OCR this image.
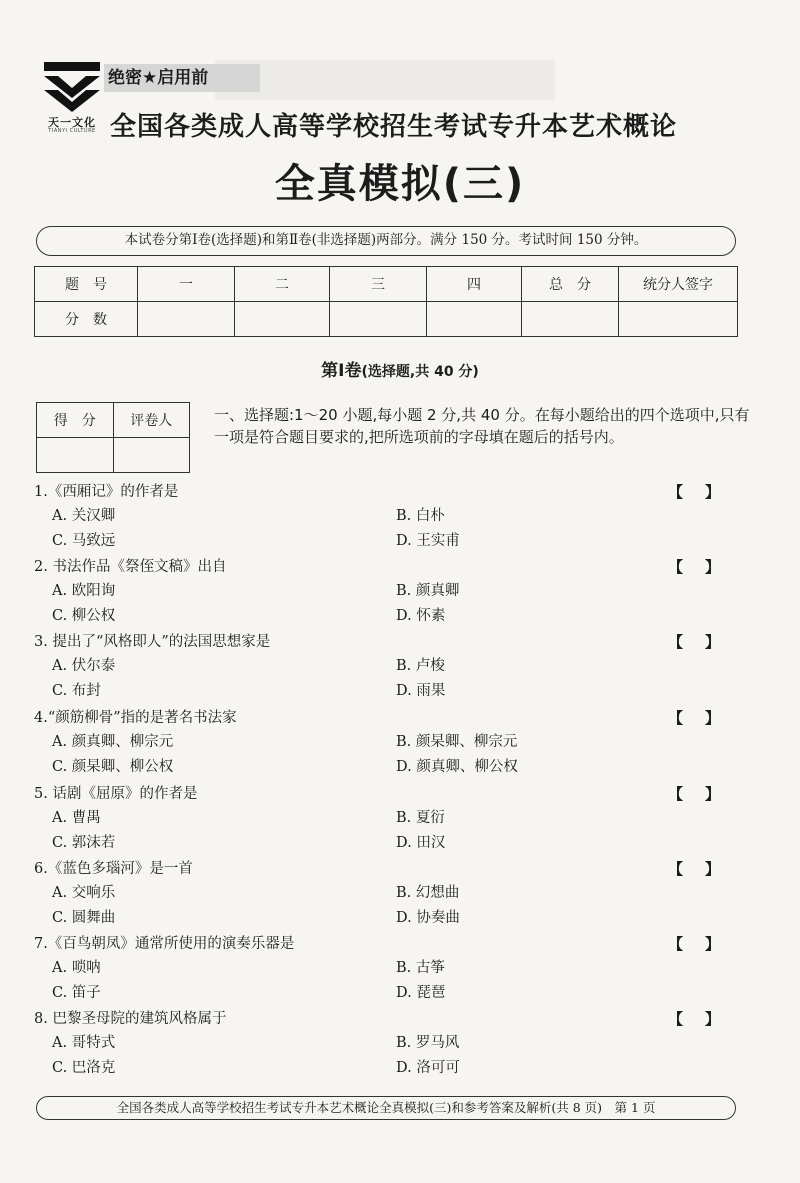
天一文化
TIANYI CULTURE
绝密★启用前
全国各类成人高等学校招生考试专升本艺术概论
全真模拟(三)
本试卷分第Ⅰ卷(选择题)和第Ⅱ卷(非选择题)两部分。满分 150 分。考试时间 150 分钟。
题　号	一	二	三	四	总　分	统分人签字
分　数						
第Ⅰ卷(选择题,共 40 分)
得　分	评卷人
		一、选择题:1～20 小题,每小题 2 分,共 40 分。在每小题给出的四个选项中,只有一项是符合题目要求的,把所选项前的字母填在题后的括号内。
1.《西厢记》的作者是	【】
A. 关汉卿	B. 白朴
C. 马致远	D. 王实甫
2. 书法作品《祭侄文稿》出自	【】
A. 欧阳询	B. 颜真卿
C. 柳公权	D. 怀素
3. 提出了“风格即人”的法国思想家是	【】
A. 伏尔泰	B. 卢梭
C. 布封	D. 雨果
4.“颜筋柳骨”指的是著名书法家	【】
A. 颜真卿、柳宗元	B. 颜杲卿、柳宗元
C. 颜杲卿、柳公权	D. 颜真卿、柳公权
5. 话剧《屈原》的作者是	【】
A. 曹禺	B. 夏衍
C. 郭沫若	D. 田汉
6.《蓝色多瑙河》是一首	【】
A. 交响乐	B. 幻想曲
C. 圆舞曲	D. 协奏曲
7.《百鸟朝凤》通常所使用的演奏乐器是	【】
A. 唢呐	B. 古筝
C. 笛子	D. 琵琶
8. 巴黎圣母院的建筑风格属于	【】
A. 哥特式	B. 罗马风
C. 巴洛克	D. 洛可可
全国各类成人高等学校招生考试专升本艺术概论全真模拟(三)和参考答案及解析(共 8 页)　第 1 页
